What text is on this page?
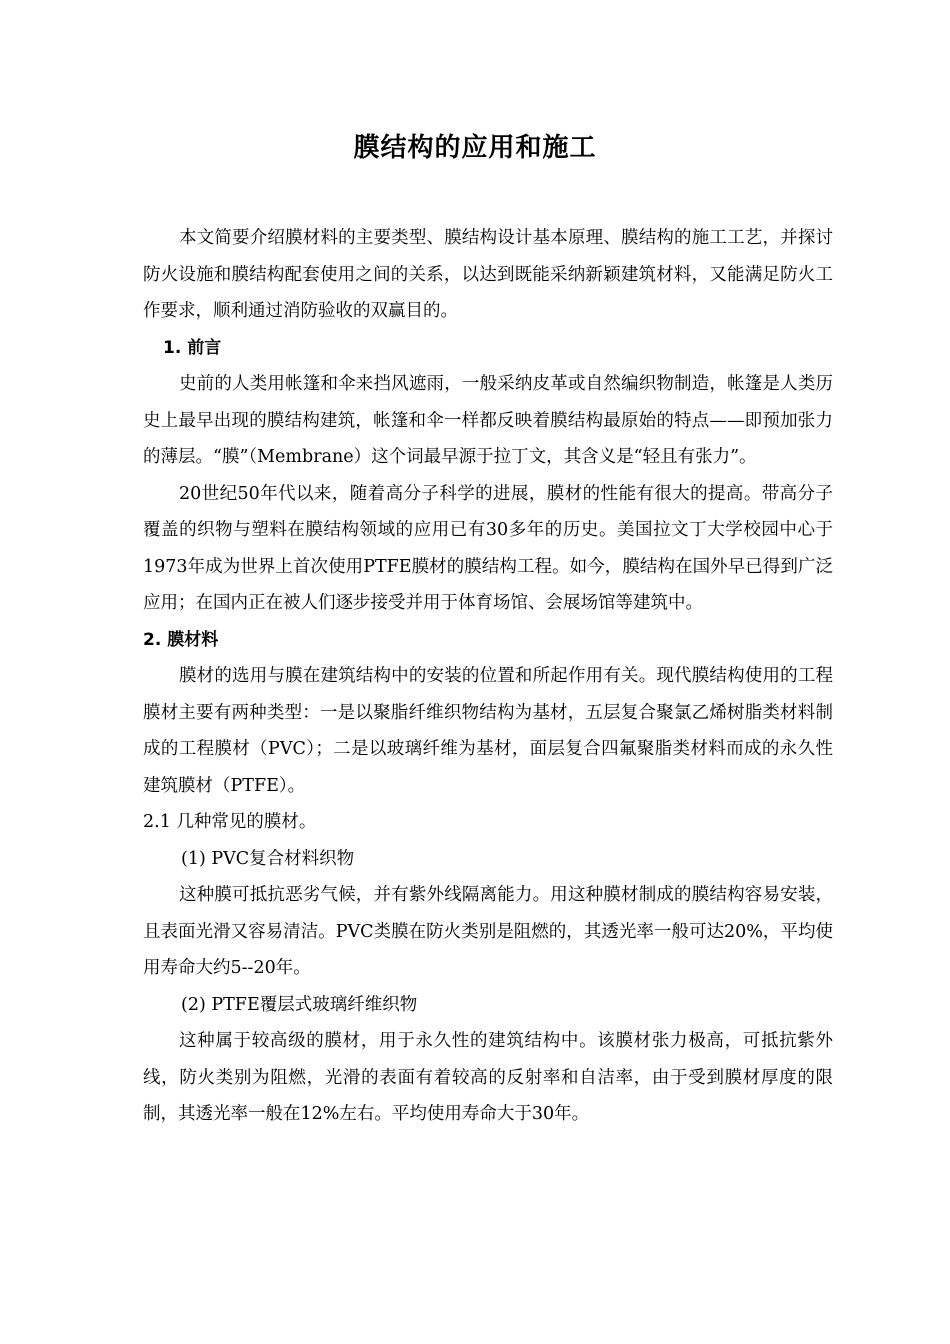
膜结构的应用和施工

本文简要介绍膜材料的主要类型、膜结构设计基本原理、膜结构的施工工艺，并探讨防火设施和膜结构配套使用之间的关系，以达到既能采纳新颖建筑材料，又能满足防火工作要求，顺利通过消防验收的双赢目的。

1. 前言

史前的人类用帐篷和伞来挡风遮雨，一般采纳皮革或自然编织物制造，帐篷是人类历史上最早出现的膜结构建筑，帐篷和伞一样都反映着膜结构最原始的特点——即预加张力的薄层。“膜”（Membrane）这个词最早源于拉丁文，其含义是“轻且有张力”。

20世纪50年代以来，随着高分子科学的进展，膜材的性能有很大的提高。带高分子覆盖的织物与塑料在膜结构领域的应用已有30多年的历史。美国拉文丁大学校园中心于1973年成为世界上首次使用PTFE膜材的膜结构工程。如今，膜结构在国外早已得到广泛应用；在国内正在被人们逐步接受并用于体育场馆、会展场馆等建筑中。

2. 膜材料

膜材的选用与膜在建筑结构中的安装的位置和所起作用有关。现代膜结构使用的工程膜材主要有两种类型：一是以聚脂纤维织物结构为基材，五层复合聚氯乙烯树脂类材料制成的工程膜材（PVC）；二是以玻璃纤维为基材，面层复合四氟聚脂类材料而成的永久性建筑膜材（PTFE）。

2.1 几种常见的膜材。
(1) PVC复合材料织物

这种膜可抵抗恶劣气候，并有紫外线隔离能力。用这种膜材制成的膜结构容易安装，且表面光滑又容易清洁。PVC类膜在防火类别是阻燃的，其透光率一般可达20%，平均使用寿命大约5--20年。

(2) PTFE覆层式玻璃纤维织物

这种属于较高级的膜材，用于永久性的建筑结构中。该膜材张力极高，可抵抗紫外线，防火类别为阻燃，光滑的表面有着较高的反射率和自洁率，由于受到膜材厚度的限制，其透光率一般在12%左右。平均使用寿命大于30年。
